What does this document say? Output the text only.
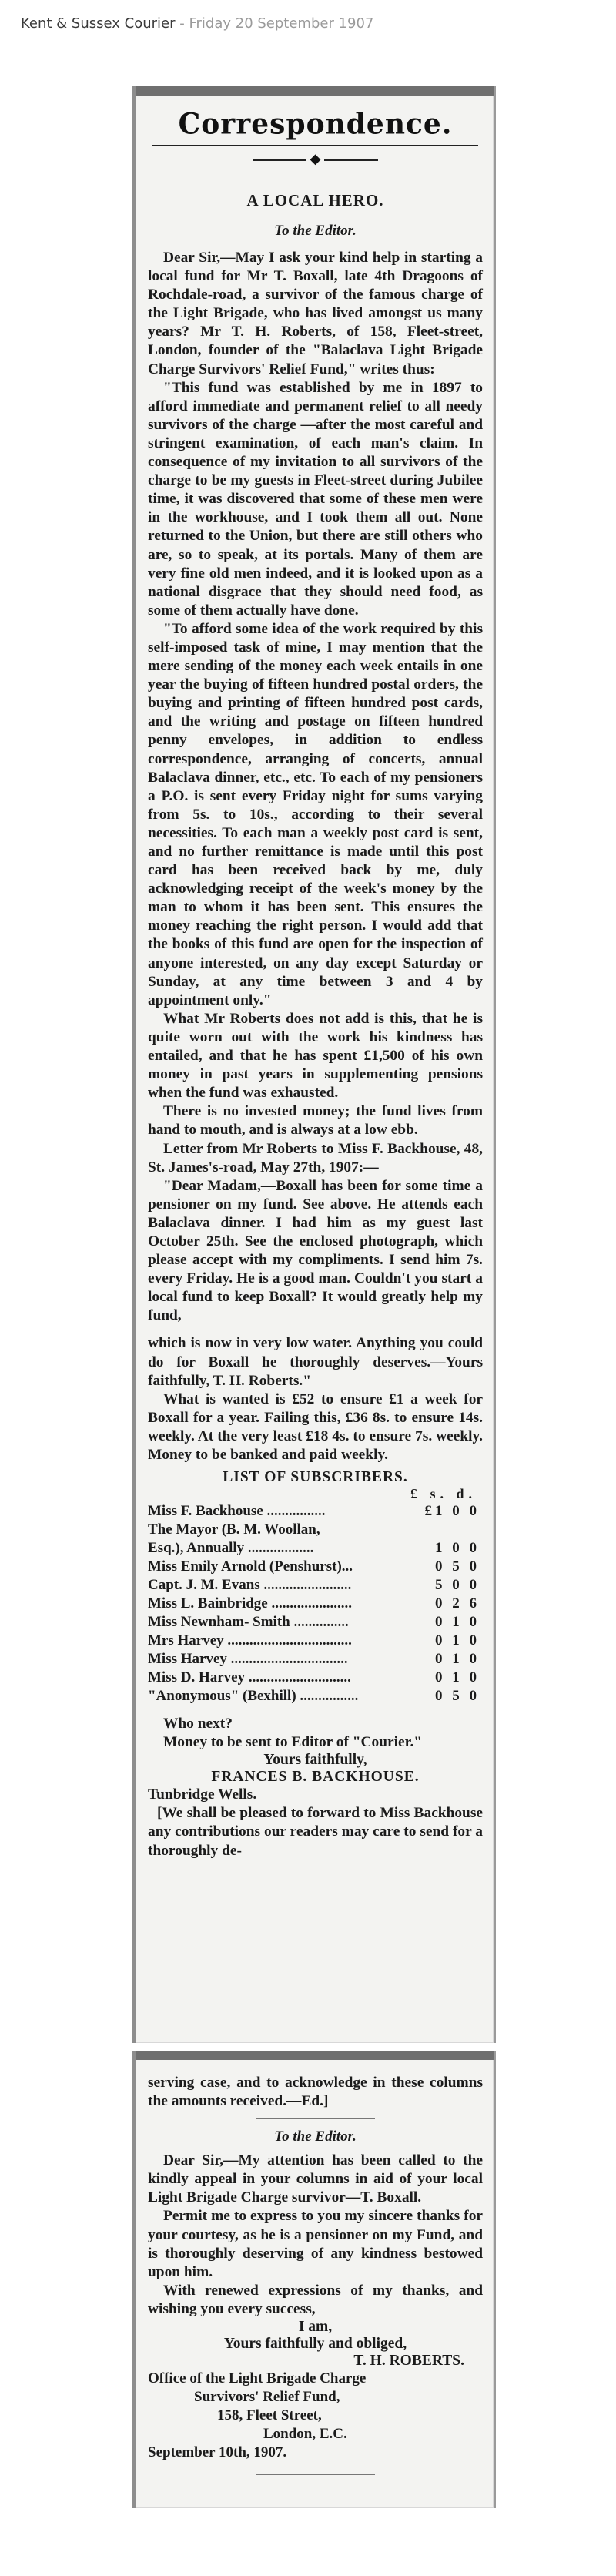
Kent & Sussex Courier - Friday 20 September 1907
Correspondence.
◆
A LOCAL HERO.
To the Editor.
Dear Sir,—May I ask your kind help in starting a local fund for Mr T. Boxall, late 4th Dragoons of Rochdale-road, a survivor of the famous charge of the Light Brigade, who has lived amongst us many years? Mr T. H. Roberts, of 158, Fleet-street, London, founder of the "Balaclava Light Brigade Charge Survivors' Relief Fund," writes thus:
"This fund was established by me in 1897 to afford immediate and permanent relief to all needy survivors of the charge —after the most careful and stringent examination, of each man's claim. In consequence of my invitation to all survivors of the charge to be my guests in Fleet-street during Jubilee time, it was discovered that some of these men were in the workhouse, and I took them all out. None returned to the Union, but there are still others who are, so to speak, at its portals. Many of them are very fine old men indeed, and it is looked upon as a national disgrace that they should need food, as some of them actually have done.
"To afford some idea of the work required by this self-imposed task of mine, I may mention that the mere sending of the money each week entails in one year the buying of fifteen hundred postal orders, the buying and printing of fifteen hundred post cards, and the writing and postage on fifteen hundred penny envelopes, in addition to endless correspondence, arranging of concerts, annual Balaclava dinner, etc., etc. To each of my pensioners a P.O. is sent every Friday night for sums varying from 5s. to 10s., according to their several necessities. To each man a weekly post card is sent, and no further remittance is made until this post card has been received back by me, duly acknowledging receipt of the week's money by the man to whom it has been sent. This ensures the money reaching the right person. I would add that the books of this fund are open for the inspection of anyone interested, on any day except Saturday or Sunday, at any time between 3 and 4 by appointment only."
What Mr Roberts does not add is this, that he is quite worn out with the work his kindness has entailed, and that he has spent £1,500 of his own money in past years in supplementing pensions when the fund was exhausted.
There is no invested money; the fund lives from hand to mouth, and is always at a low ebb.
Letter from Mr Roberts to Miss F. Backhouse, 48, St. James's-road, May 27th, 1907:—
"Dear Madam,—Boxall has been for some time a pensioner on my fund. See above. He attends each Balaclava dinner. I had him as my guest last October 25th. See the enclosed photograph, which please accept with my compliments. I send him 7s. every Friday. He is a good man. Couldn't you start a local fund to keep Boxall? It would greatly help my fund,
which is now in very low water. Anything you could do for Boxall he thoroughly deserves.—Yours faithfully, T. H. Roberts."
What is wanted is £52 to ensure £1 a week for Boxall for a year. Failing this, £36 8s. to ensure 14s. weekly. At the very least £18 4s. to ensure 7s. weekly. Money to be banked and paid weekly.
LIST OF SUBSCRIBERS.
£ s. d.
Miss F. Backhouse ................	£1 0 0
The Mayor (B. M. Woollan,	
Esq.), Annually ..................	1 0 0
Miss Emily Arnold (Penshurst)...	0 5 0
Capt. J. M. Evans ........................	5 0 0
Miss L. Bainbridge ......................	0 2 6
Miss Newnham- Smith ...............	0 1 0
Mrs Harvey ..................................	0 1 0
Miss Harvey ................................	0 1 0
Miss D. Harvey ............................	0 1 0
"Anonymous" (Bexhill) ................	0 5 0
Who next?
Money to be sent to Editor of "Courier."
Yours faithfully,
FRANCES B. BACKHOUSE.
Tunbridge Wells.
[We shall be pleased to forward to Miss Backhouse any contributions our readers may care to send for a thoroughly de-
serving case, and to acknowledge in these columns the amounts received.—Ed.]
To the Editor.
Dear Sir,—My attention has been called to the kindly appeal in your columns in aid of your local Light Brigade Charge survivor—T. Boxall.
Permit me to express to you my sincere thanks for your courtesy, as he is a pensioner on my Fund, and is thoroughly deserving of any kindness bestowed upon him.
With renewed expressions of my thanks, and wishing you every success,
I am,
Yours faithfully and obliged,
T. H. ROBERTS.
Office of the Light Brigade Charge
Survivors' Relief Fund,
158, Fleet Street,
London, E.C.
September 10th, 1907.
